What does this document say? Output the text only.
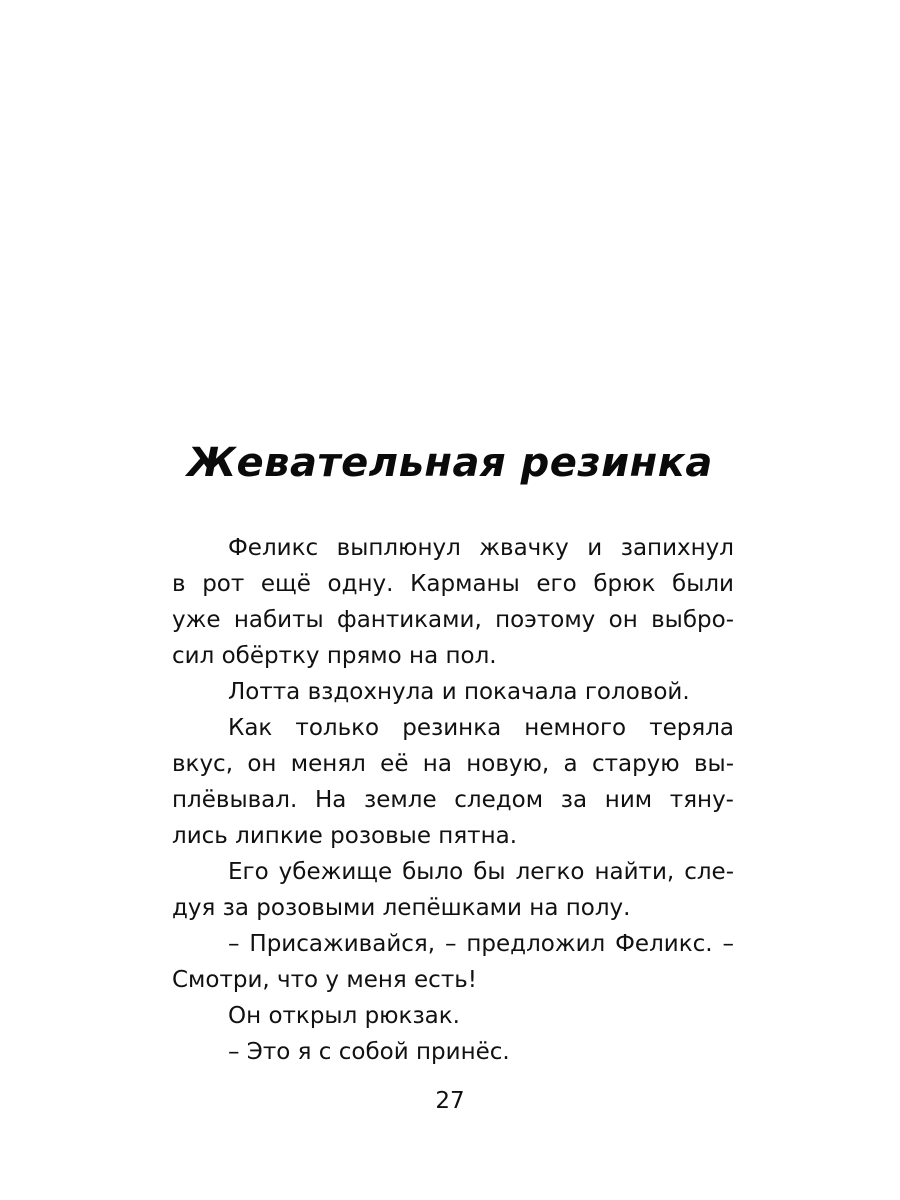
Жевательная резинка
Феликс выплюнул жвачку и запихнул
в рот ещё одну. Карманы его брюк были
уже набиты фантиками, поэтому он выбро-
сил обёртку прямо на пол.
Лотта вздохнула и покачала головой.
Как только резинка немного теряла
вкус, он менял её на новую, а старую вы-
плёвывал. На земле следом за ним тяну-
лись липкие розовые пятна.
Его убежище было бы легко найти, сле-
дуя за розовыми лепёшками на полу.
– Присаживайся, – предложил Феликс. –
Смотри, что у меня есть!
Он открыл рюкзак.
– Это я с собой принёс.
27
